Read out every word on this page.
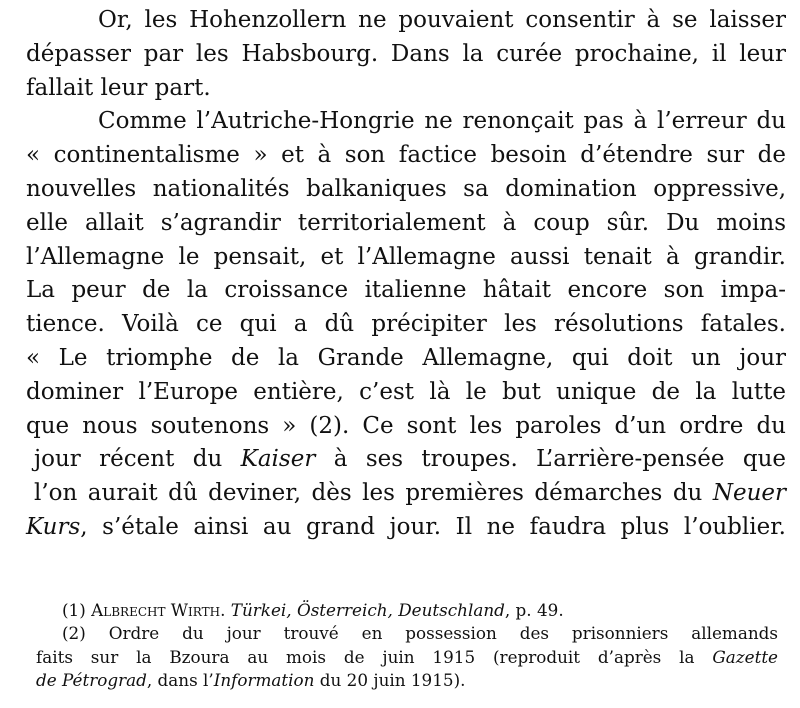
Or, les Hohenzollern ne pouvaient consentir à se laisser
dépasser par les Habsbourg. Dans la curée prochaine, il leur
fallait leur part.
Comme l’Autriche-Hongrie ne renonçait pas à l’erreur du
« continentalisme » et à son factice besoin d’étendre sur de
nouvelles nationalités balkaniques sa domination oppressive,
elle allait s’agrandir territorialement à coup sûr. Du moins
l’Allemagne le pensait, et l’Allemagne aussi tenait à grandir.
La peur de la croissance italienne hâtait encore son impa-
tience. Voilà ce qui a dû précipiter les résolutions fatales.
« Le triomphe de la Grande Allemagne, qui doit un jour
dominer l’Europe entière, c’est là le but unique de la lutte
que nous soutenons » (2). Ce sont les paroles d’un ordre du
jour récent du Kaiser à ses troupes. L’arrière-pensée que
l’on aurait dû deviner, dès les premières démarches du Neuer
Kurs, s’étale ainsi au grand jour. Il ne faudra plus l’oublier.
(1) Albrecht Wirth. Türkei, Österreich, Deutschland, p. 49.
(2) Ordre du jour trouvé en possession des prisonniers allemands
faits sur la Bzoura au mois de juin 1915 (reproduit d’après la Gazette
de Pétrograd, dans l’Information du 20 juin 1915).
